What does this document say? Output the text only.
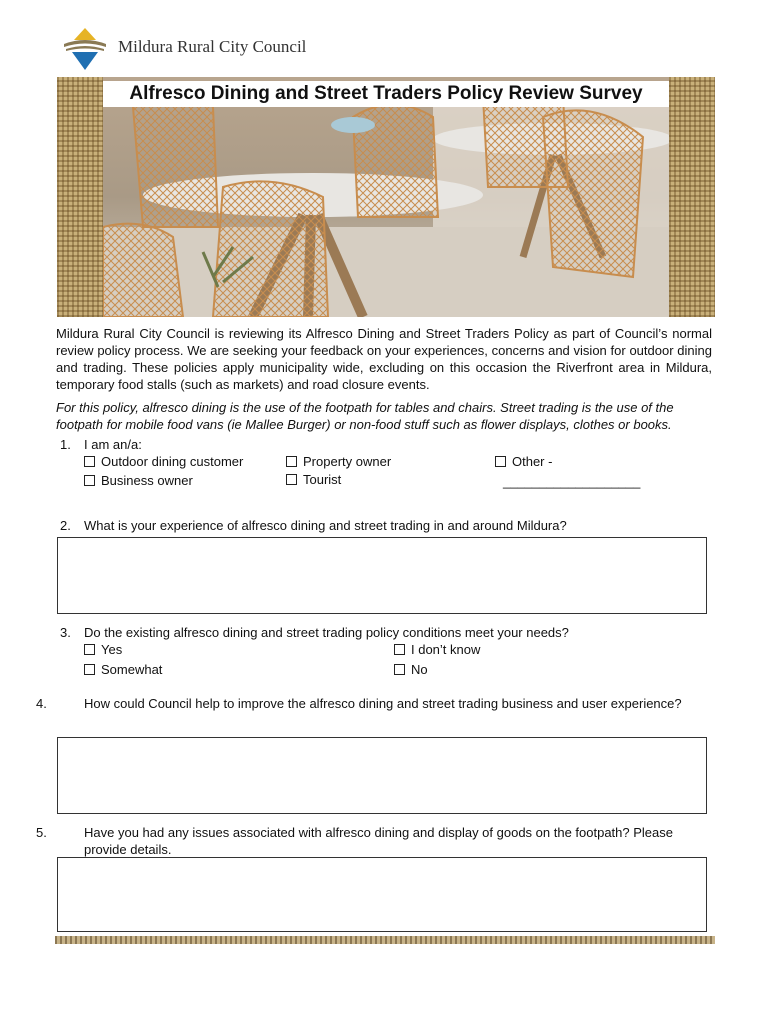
Mildura Rural City Council
Alfresco Dining and Street Traders Policy Review Survey
Mildura Rural City Council is reviewing its Alfresco Dining and Street Traders Policy as part of Council’s normal review policy process. We are seeking your feedback on your experiences, concerns and vision for outdoor dining and trading. These policies apply municipality wide, excluding on this occasion the Riverfront area in Mildura, temporary food stalls (such as markets) and road closure events.
For this policy, alfresco dining is the use of the footpath for tables and chairs. Street trading is the use of the footpath for mobile food vans (ie Mallee Burger) or non-food stuff such as flower displays, clothes or books.
1. I am an/a:
Outdoor dining customer
Business owner
Property owner
Tourist
Other -
___________________
2. What is your experience of alfresco dining and street trading in and around Mildura?
3. Do the existing alfresco dining and street trading policy conditions meet your needs?
Yes
Somewhat
I don’t know
No
4.	How could Council help to improve the alfresco dining and street trading business and user experience?
5.	Have you had any issues associated with alfresco dining and display of goods on the footpath? Please provide details.
